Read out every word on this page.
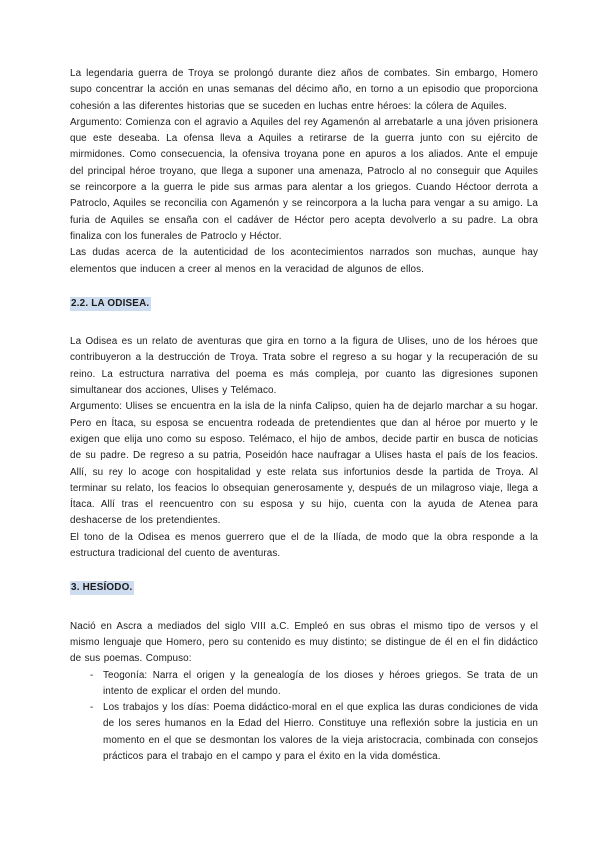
La legendaria guerra de Troya se prolongó durante diez años de combates. Sin embargo, Homero supo concentrar la acción en unas semanas del décimo año, en torno a un episodio que proporciona cohesión a las diferentes historias que se suceden en luchas entre héroes: la cólera de Aquiles.

Argumento: Comienza con el agravio a Aquiles del rey Agamenón al arrebatarle a una jóven prisionera que este deseaba. La ofensa lleva a Aquiles a retirarse de la guerra junto con su ejército de mirmidones. Como consecuencia, la ofensiva troyana pone en apuros a los aliados. Ante el empuje del principal héroe troyano, que llega a suponer una amenaza, Patroclo al no conseguir que Aquiles se reincorpore a la guerra le pide sus armas para alentar a los griegos. Cuando Héctoor derrota a Patroclo, Aquiles se reconcilia con Agamenón y se reincorpora a la lucha para vengar a su amigo. La furia de Aquiles se ensaña con el cadáver de Héctor pero acepta devolverlo a su padre. La obra finaliza con los funerales de Patroclo y Héctor.

Las dudas acerca de la autenticidad de los acontecimientos narrados son muchas, aunque hay elementos que inducen a creer al menos en la veracidad de algunos de ellos.

2.2. LA ODISEA.

La Odisea es un relato de aventuras que gira en torno a la figura de Ulises, uno de los héroes que contribuyeron a la destrucción de Troya. Trata sobre el regreso a su hogar y la recuperación de su reino. La estructura narrativa del poema es más compleja, por cuanto las digresiones suponen simultanear dos acciones, Ulises y Telémaco.

Argumento: Ulises se encuentra en la isla de la ninfa Calipso, quien ha de dejarlo marchar a su hogar. Pero en Ítaca, su esposa se encuentra rodeada de pretendientes que dan al héroe por muerto y le exigen que elija uno como su esposo. Telémaco, el hijo de ambos, decide partir en busca de noticias de su padre. De regreso a su patria, Poseidón hace naufragar a Ulises hasta el país de los feacios. Allí, su rey lo acoge con hospitalidad y este relata sus infortunios desde la partida de Troya. Al terminar su relato, los feacios lo obsequian generosamente y, después de un milagroso viaje, llega a Ítaca. Allí tras el reencuentro con su esposa y su hijo, cuenta con la ayuda de Atenea para deshacerse de los pretendientes.

El tono de la Odisea es menos guerrero que el de la Ilíada, de modo que la obra responde a la estructura tradicional del cuento de aventuras.

3. HESÍODO.

Nació en Ascra a mediados del siglo VIII a.C. Empleó en sus obras el mismo tipo de versos y el mismo lenguaje que Homero, pero su contenido es muy distinto; se distingue de él en el fin didáctico de sus poemas. Compuso:

- Teogonía: Narra el origen y la genealogía de los dioses y héroes griegos. Se trata de un intento de explicar el orden del mundo.
- Los trabajos y los días: Poema didáctico-moral en el que explica las duras condiciones de vida de los seres humanos en la Edad del Hierro. Constituye una reflexión sobre la justicia en un momento en el que se desmontan los valores de la vieja aristocracia, combinada con consejos prácticos para el trabajo en el campo y para el éxito en la vida doméstica.
